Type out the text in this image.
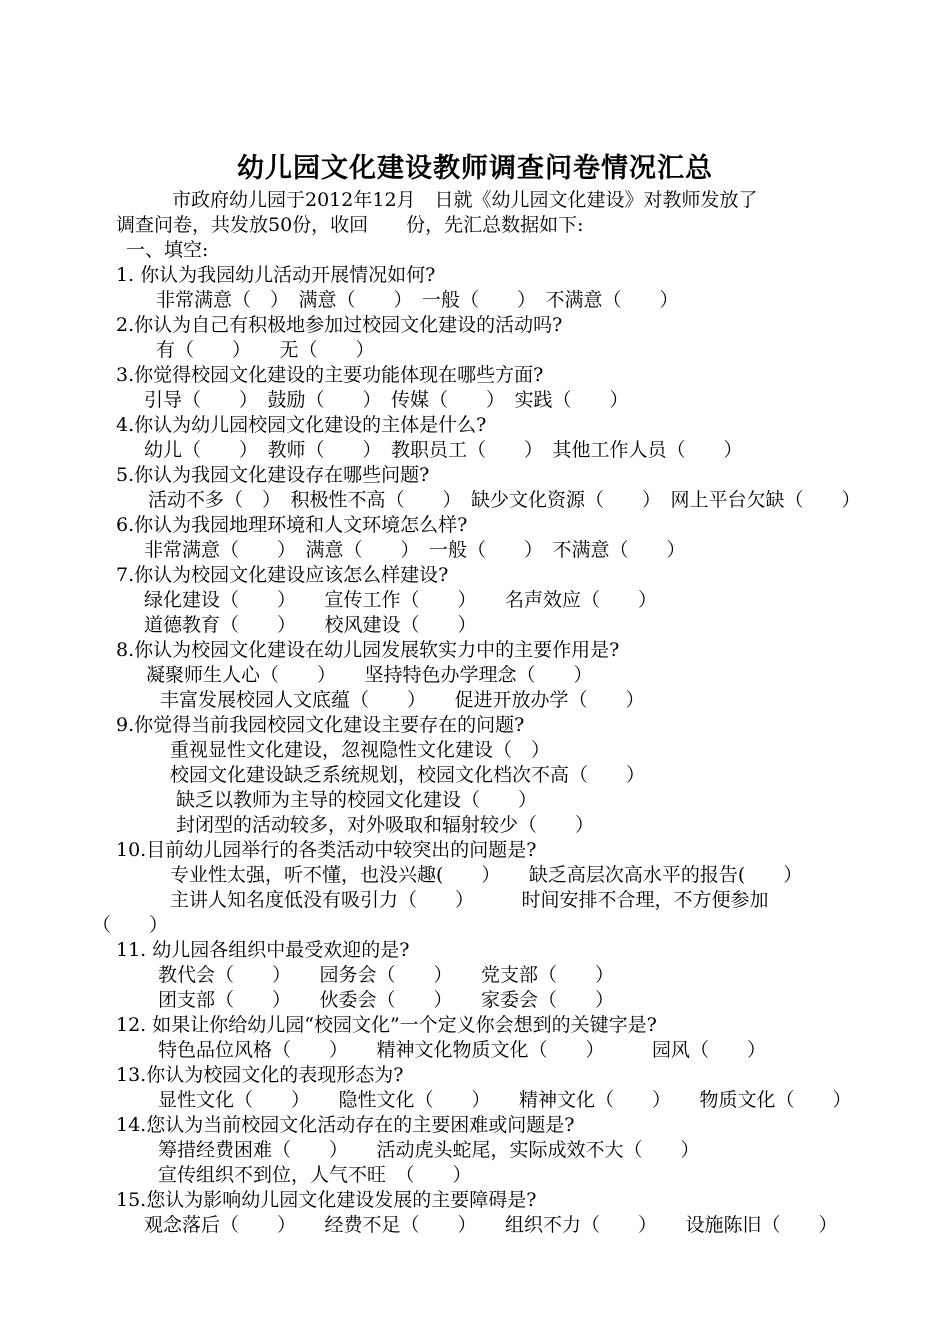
幼儿园文化建设教师调查问卷情况汇总
市政府幼儿园于2012年12月　日就《幼儿园文化建设》对教师发放了
调查问卷，共发放50份，收回　　份，先汇总数据如下:
一、填空:
1. 你认为我园幼儿活动开展情况如何?
非常满意（　）　满意（　　）　一般（　　）　不满意（　　）
2.你认为自己有积极地参加过校园文化建设的活动吗?
有（　　）　　无（　　）
3.你觉得校园文化建设的主要功能体现在哪些方面?
引导（　　）　鼓励（　　）　传媒（　　）　实践（　　）
4.你认为幼儿园校园文化建设的主体是什么?
幼儿（　　）　教师（　　）　教职员工（　　）　其他工作人员（　　）
5.你认为我园文化建设存在哪些问题?
活动不多（　）　积极性不高（　　）　缺少文化资源（　　）　网上平台欠缺（　　）
6.你认为我园地理环境和人文环境怎么样?
非常满意（　　）　满意（　　）　一般（　　）　不满意（　　）
7.你认为校园文化建设应该怎么样建设?
绿化建设（　　）　　宣传工作（　　）　　名声效应（　　）
道德教育（　　）　　校风建设（　　）
8.你认为校园文化建设在幼儿园发展软实力中的主要作用是?
凝聚师生人心（　　）　　坚持特色办学理念（　　）
丰富发展校园人文底蕴（　　）　　促进开放办学（　　）
9.你觉得当前我园校园文化建设主要存在的问题?
重视显性文化建设，忽视隐性文化建设（　）
校园文化建设缺乏系统规划，校园文化档次不高（　　）
缺乏以教师为主导的校园文化建设（　　）
封闭型的活动较多，对外吸取和辐射较少（　　）
10.目前幼儿园举行的各类活动中较突出的问题是?
专业性太强，听不懂，也没兴趣(　　）　　缺乏高层次高水平的报告(　　）
主讲人知名度低没有吸引力（　　）　　　时间安排不合理，不方便参加
（　　）
11. 幼儿园各组织中最受欢迎的是?
教代会（　　）　　园务会（　　）　　党支部（　　）
团支部（　　）　　伙委会（　　）　　家委会（　　）
12. 如果让你给幼儿园“校园文化”一个定义你会想到的关键字是?
特色品位风格（　　）　　精神文化物质文化（　　）　　　园风（　　）
13.你认为校园文化的表现形态为?
显性文化（　　）　　隐性文化（　　）　　精神文化（　　）　　物质文化（　　）
14.您认为当前校园文化活动存在的主要困难或问题是?
筹措经费困难（　　）　　活动虎头蛇尾，实际成效不大（　　）
宣传组织不到位，人气不旺　（　　）
15.您认为影响幼儿园文化建设发展的主要障碍是?
观念落后（　　）　　经费不足（　　）　　组织不力（　　）　　设施陈旧（　　）
